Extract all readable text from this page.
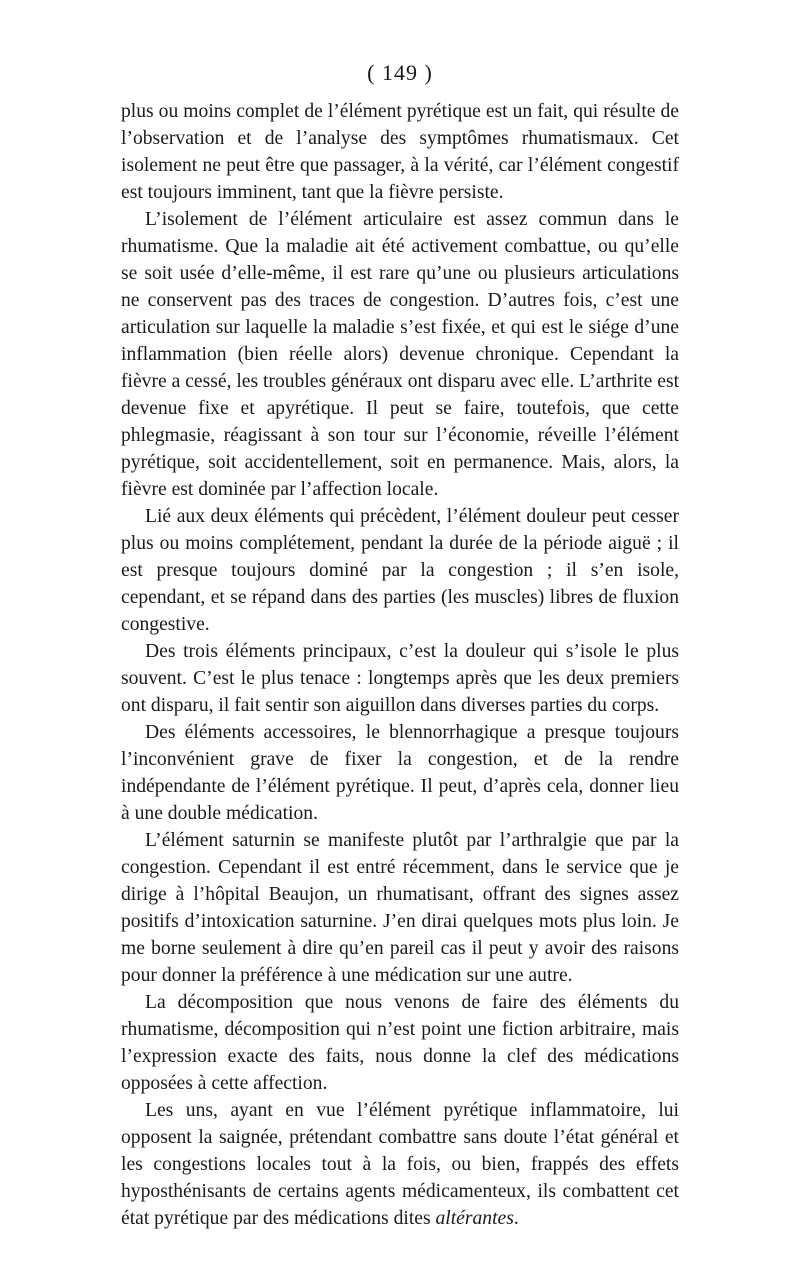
( 149 )

plus ou moins complet de l’élément pyrétique est un fait, qui résulte de l’observation et de l’analyse des symptômes rhumatismaux. Cet isolement ne peut être que passager, à la vérité, car l’élément congestif est toujours imminent, tant que la fièvre persiste.

L’isolement de l’élément articulaire est assez commun dans le rhumatisme. Que la maladie ait été activement combattue, ou qu’elle se soit usée d’elle-même, il est rare qu’une ou plusieurs articulations ne conservent pas des traces de congestion. D’autres fois, c’est une articulation sur laquelle la maladie s’est fixée, et qui est le siége d’une inflammation (bien réelle alors) devenue chronique. Cependant la fièvre a cessé, les troubles généraux ont disparu avec elle. L’arthrite est devenue fixe et apyrétique. Il peut se faire, toutefois, que cette phlegmasie, réagissant à son tour sur l’économie, réveille l’élément pyrétique, soit accidentellement, soit en permanence. Mais, alors, la fièvre est dominée par l’affection locale.

Lié aux deux éléments qui précèdent, l’élément douleur peut cesser plus ou moins complétement, pendant la durée de la période aiguë ; il est presque toujours dominé par la congestion ; il s’en isole, cependant, et se répand dans des parties (les muscles) libres de fluxion congestive.

Des trois éléments principaux, c’est la douleur qui s’isole le plus souvent. C’est le plus tenace : longtemps après que les deux premiers ont disparu, il fait sentir son aiguillon dans diverses parties du corps.

Des éléments accessoires, le blennorrhagique a presque toujours l’inconvénient grave de fixer la congestion, et de la rendre indépendante de l’élément pyrétique. Il peut, d’après cela, donner lieu à une double médication.

L’élément saturnin se manifeste plutôt par l’arthralgie que par la congestion. Cependant il est entré récemment, dans le service que je dirige à l’hôpital Beaujon, un rhumatisant, offrant des signes assez positifs d’intoxication saturnine. J’en dirai quelques mots plus loin. Je me borne seulement à dire qu’en pareil cas il peut y avoir des raisons pour donner la préférence à une médication sur une autre.

La décomposition que nous venons de faire des éléments du rhumatisme, décomposition qui n’est point une fiction arbitraire, mais l’expression exacte des faits, nous donne la clef des médications opposées à cette affection.

Les uns, ayant en vue l’élément pyrétique inflammatoire, lui opposent la saignée, prétendant combattre sans doute l’état général et les congestions locales tout à la fois, ou bien, frappés des effets hyposthénisants de certains agents médicamenteux, ils combattent cet état pyrétique par des médications dites altérantes.
